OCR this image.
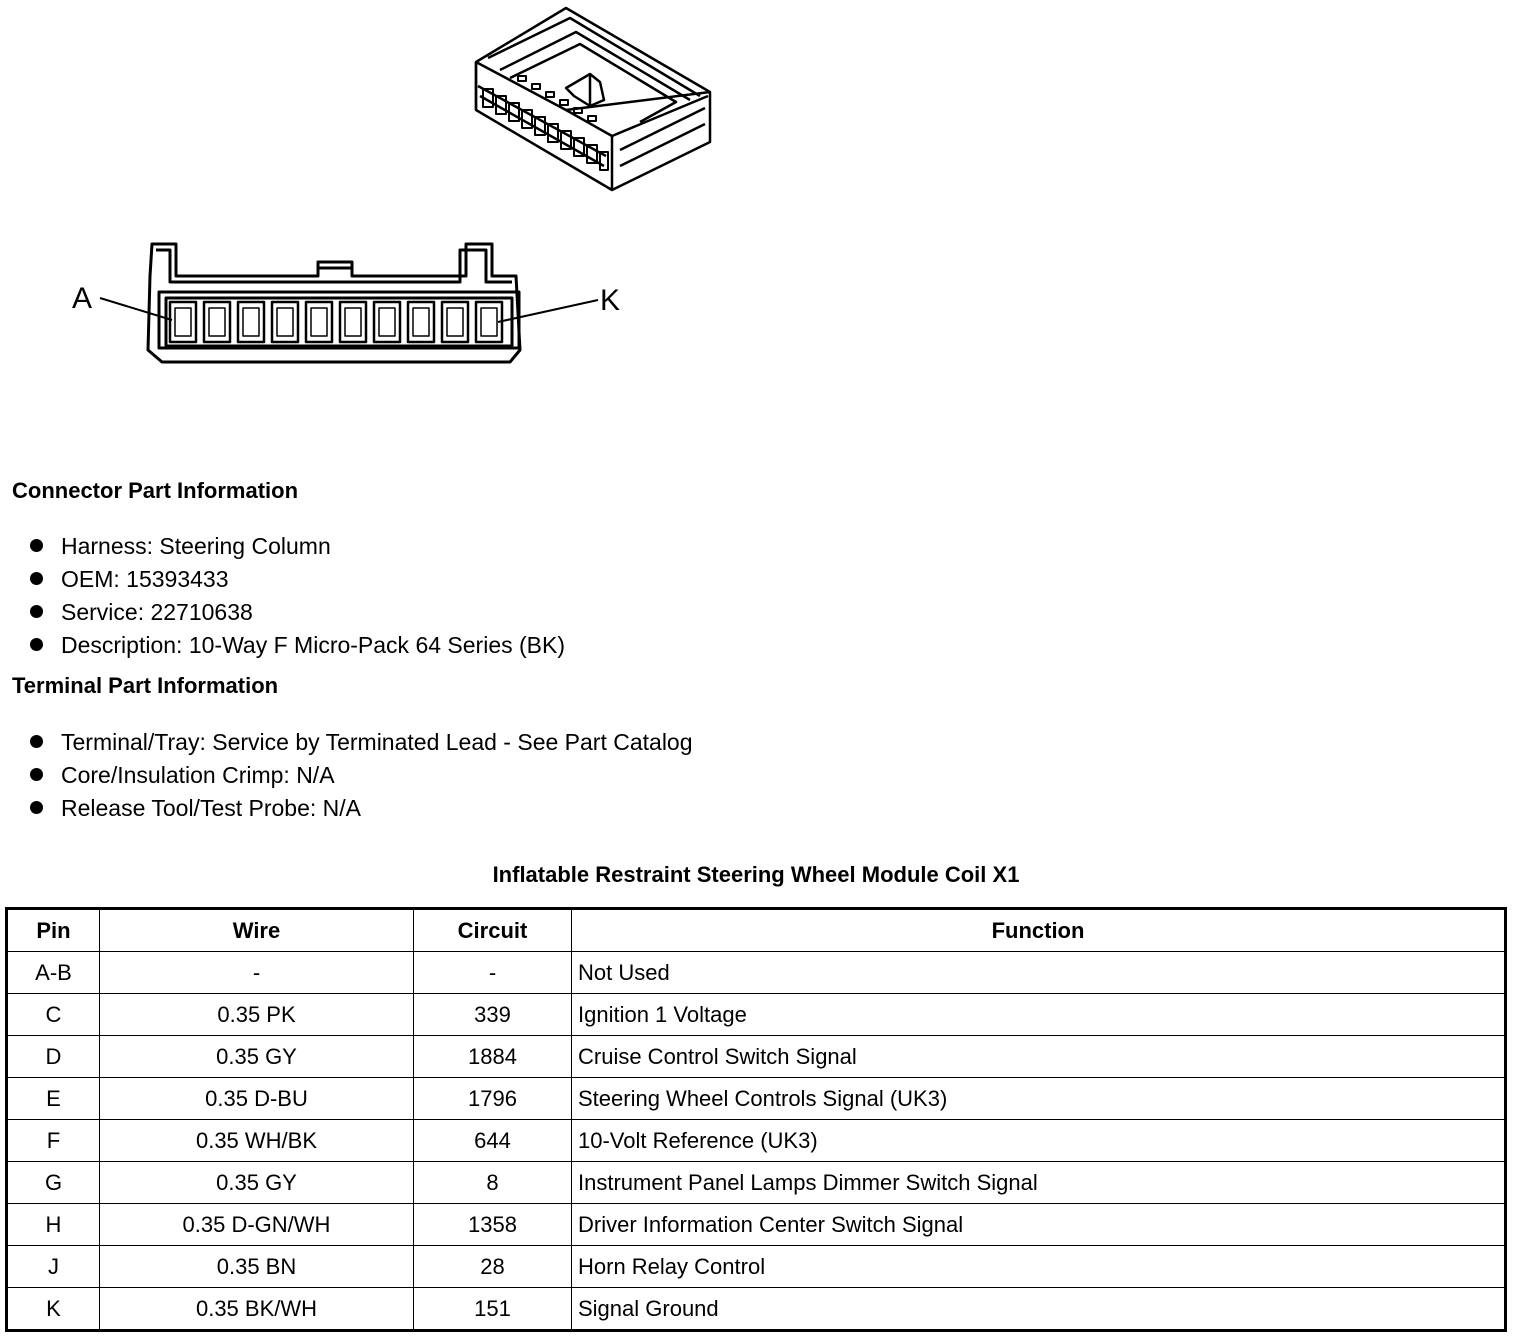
A	K
Connector Part Information
Harness: Steering Column
OEM: 15393433
Service: 22710638
Description: 10-Way F Micro-Pack 64 Series (BK)
Terminal Part Information
Terminal/Tray: Service by Terminated Lead - See Part Catalog
Core/Insulation Crimp: N/A
Release Tool/Test Probe: N/A
Inflatable Restraint Steering Wheel Module Coil X1
Pin	Wire	Circuit	Function
A-B	-	-	Not Used
C	0.35 PK	339	Ignition 1 Voltage
D	0.35 GY	1884	Cruise Control Switch Signal
E	0.35 D-BU	1796	Steering Wheel Controls Signal (UK3)
F	0.35 WH/BK	644	10-Volt Reference (UK3)
G	0.35 GY	8	Instrument Panel Lamps Dimmer Switch Signal
H	0.35 D-GN/WH	1358	Driver Information Center Switch Signal
J	0.35 BN	28	Horn Relay Control
K	0.35 BK/WH	151	Signal Ground
